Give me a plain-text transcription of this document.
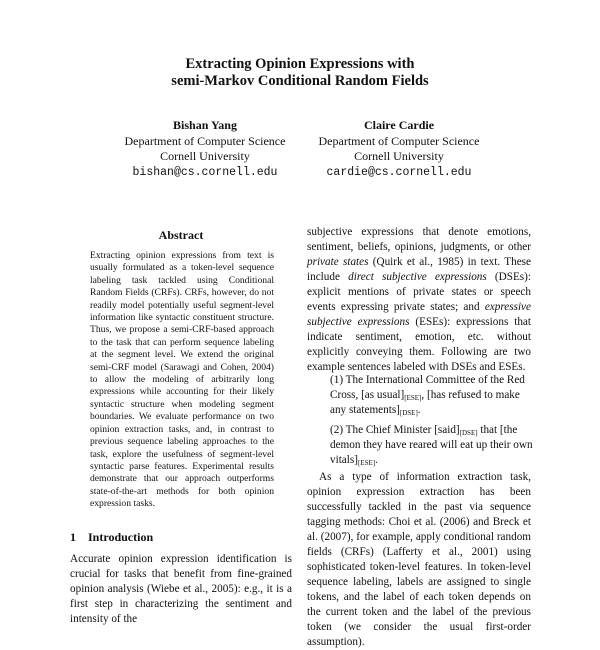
Extracting Opinion Expressions with
semi-Markov Conditional Random Fields
Bishan Yang
Department of Computer Science
Cornell University
bishan@cs.cornell.edu
Claire Cardie
Department of Computer Science
Cornell University
cardie@cs.cornell.edu
Abstract
Extracting opinion expressions from text is usually formulated as a token-level sequence labeling task tackled using Conditional Random Fields (CRFs). CRFs, however, do not readily model potentially useful segment-level information like syntactic constituent structure. Thus, we propose a semi-CRF-based approach to the task that can perform sequence labeling at the segment level. We extend the original semi-CRF model (Sarawagi and Cohen, 2004) to allow the modeling of arbitrarily long expressions while accounting for their likely syntactic structure when modeling segment boundaries. We evaluate performance on two opinion extraction tasks, and, in contrast to previous sequence labeling approaches to the task, explore the usefulness of segment-level syntactic parse features. Experimental results demonstrate that our approach outperforms state-of-the-art methods for both opinion expression tasks.
1 Introduction
Accurate opinion expression identification is crucial for tasks that benefit from fine-grained opinion analysis (Wiebe et al., 2005): e.g., it is a first step in characterizing the sentiment and intensity of the
subjective expressions that denote emotions, sentiment, beliefs, opinions, judgments, or other private states (Quirk et al., 1985) in text. These include direct subjective expressions (DSEs): explicit mentions of private states or speech events expressing private states; and expressive subjective expressions (ESEs): expressions that indicate sentiment, emotion, etc. without explicitly conveying them. Following are two example sentences labeled with DSEs and ESEs.
(1) The International Committee of the Red Cross, [as $usual]_{[ESE]}$, [has refused to make any $statements]_{[DSE]}$.
(2) The Chief Minister $[said]_{[DSE]}$ that [the demon they have reared will eat up their own $vitals]_{[ESE]}$.
As a type of information extraction task, opinion expression extraction has been successfully tackled in the past via sequence tagging methods: Choi et al. (2006) and Breck et al. (2007), for example, apply conditional random fields (CRFs) (Lafferty et al., 2001) using sophisticated token-level features. In token-level sequence labeling, labels are assigned to single tokens, and the label of each token depends on the current token and the label of the previous token (we consider the usual first-order assumption).
